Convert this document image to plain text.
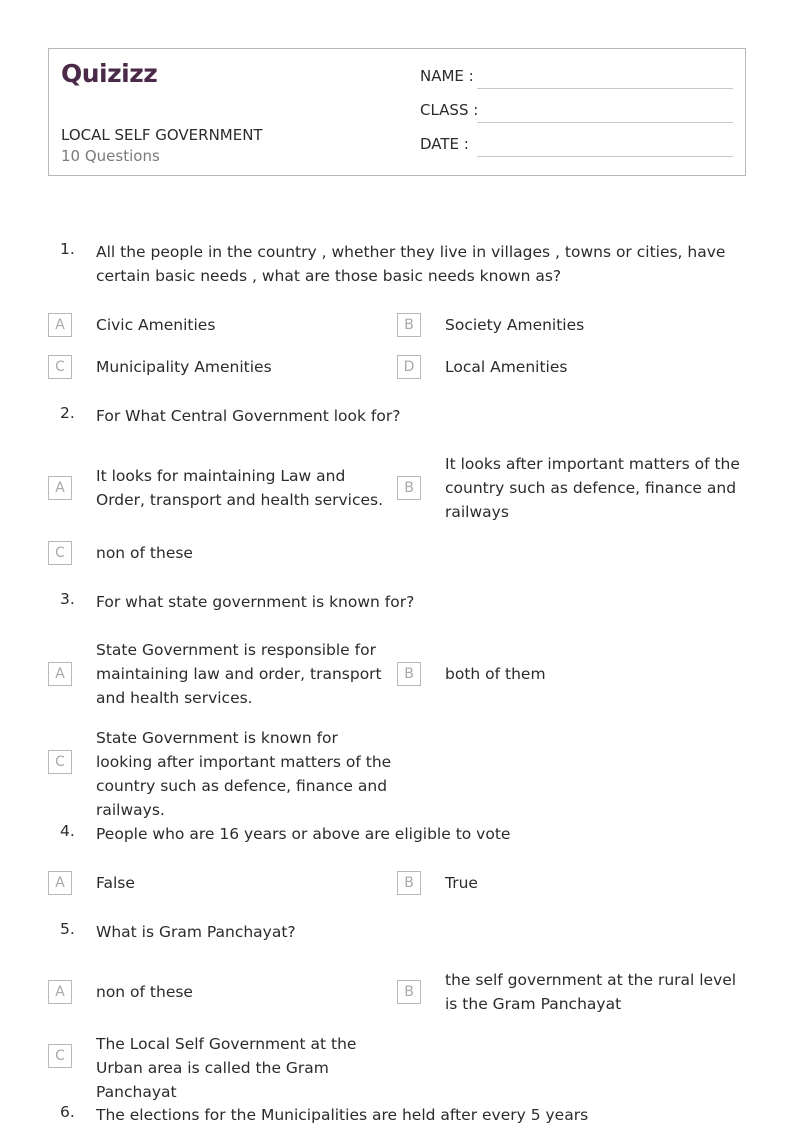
Quizizz
LOCAL SELF GOVERNMENT
10 Questions
NAME :
CLASS :
DATE :
1. All the people in the country , whether they live in villages , towns or cities, have certain basic needs , what are those basic needs known as?
A	Civic Amenities	B	Society Amenities
C	Municipality Amenities	D	Local Amenities
2. For What Central Government look for?
A
It looks for maintaining Law and Order, transport and health services.
B
It looks after important matters of the country such as defence, finance and railways
C	non of these
3. For what state government is known for?
A
State Government is responsible for maintaining law and order, transport and health services.
B	both of them
C
State Government is known for looking after important matters of the country such as defence, finance and railways.
4. People who are 16 years or above are eligible to vote
A	False	B	True
5. What is Gram Panchayat?
A	non of these	B
the self government at the rural level is the Gram Panchayat
C
The Local Self Government at the Urban area is called the Gram Panchayat
6. The elections for the Municipalities are held after every 5 years
